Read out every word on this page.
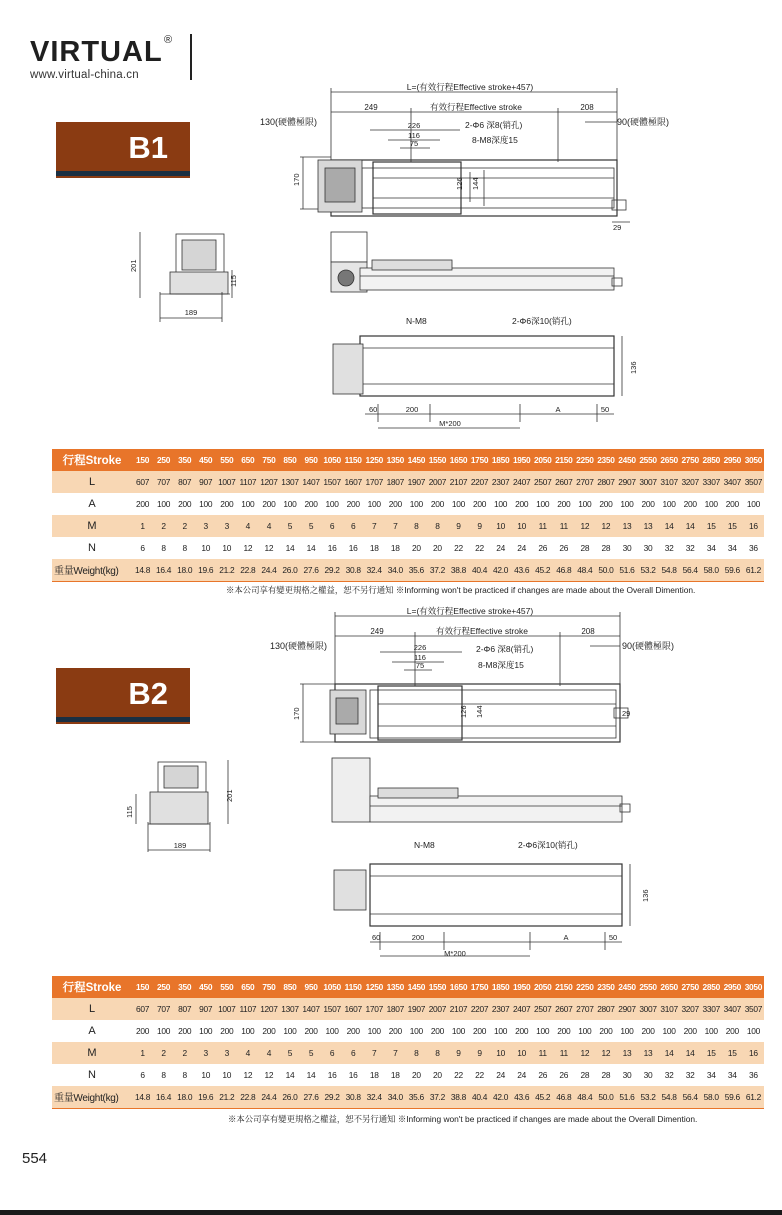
VIRTUAL ®
www.virtual-china.cn
B1
L=(有效行程Effective stroke+457)
249	有效行程Effective stroke	208
130(硬體極限)	90(硬體極限)
226
116
75
2-Φ6 深8(销孔)
8-M8深度15
170	126 144
29
201
115
189
N-M8	2-Φ6深10(销孔)
136
60	200	A	50
M*200
行程Stroke	150	250	350	450	550	650	750	850	950	1050	1150	1250	1350	1450	1550	1650	1750	1850	1950	2050	2150	2250	2350	2450	2550	2650	2750	2850	2950	3050
L	607	707	807	907	1007	1107	1207	1307	1407	1507	1607	1707	1807	1907	2007	2107	2207	2307	2407	2507	2607	2707	2807	2907	3007	3107	3207	3307	3407	3507
A	200	100	200	100	200	100	200	100	200	100	200	100	200	100	200	100	200	100	200	100	200	100	200	100	200	100	200	100	200	100
M	1	2	2	3	3	4	4	5	5	6	6	7	7	8	8	9	9	10	10	11	11	12	12	13	13	14	14	15	15	16
N	6	8	8	10	10	12	12	14	14	16	16	18	18	20	20	22	22	24	24	26	26	28	28	30	30	32	32	34	34	36
重量Weight(kg)	14.8	16.4	18.0	19.6	21.2	22.8	24.4	26.0	27.6	29.2	30.8	32.4	34.0	35.6	37.2	38.8	40.4	42.0	43.6	45.2	46.8	48.4	50.0	51.6	53.2	54.8	56.4	58.0	59.6	61.2
※本公司享有變更規格之權益，恕不另行通知 ※Informing won't be practiced if changes are made about the Overall Dimention.
B2
L=(有效行程Effective stroke+457)
249	有效行程Effective stroke	208
130(硬體極限)	90(硬體極限)
226
116
75
2-Φ6 深8(销孔)
8-M8深度15
170	126 144	29
201
115
189	N-M8	2-Φ6深10(销孔)
136
60	200	A	50
M*200
行程Stroke	150	250	350	450	550	650	750	850	950	1050	1150	1250	1350	1450	1550	1650	1750	1850	1950	2050	2150	2250	2350	2450	2550	2650	2750	2850	2950	3050
L	607	707	807	907	1007	1107	1207	1307	1407	1507	1607	1707	1807	1907	2007	2107	2207	2307	2407	2507	2607	2707	2807	2907	3007	3107	3207	3307	3407	3507
A	200	100	200	100	200	100	200	100	200	100	200	100	200	100	200	100	200	100	200	100	200	100	200	100	200	100	200	100	200	100
M	1	2	2	3	3	4	4	5	5	6	6	7	7	8	8	9	9	10	10	11	11	12	12	13	13	14	14	15	15	16
N	6	8	8	10	10	12	12	14	14	16	16	18	18	20	20	22	22	24	24	26	26	28	28	30	30	32	32	34	34	36
重量Weight(kg)	14.8	16.4	18.0	19.6	21.2	22.8	24.4	26.0	27.6	29.2	30.8	32.4	34.0	35.6	37.2	38.8	40.4	42.0	43.6	45.2	46.8	48.4	50.0	51.6	53.2	54.8	56.4	58.0	59.6	61.2
※本公司享有變更規格之權益，恕不另行通知 ※Informing won't be practiced if changes are made about the Overall Dimention.
554
